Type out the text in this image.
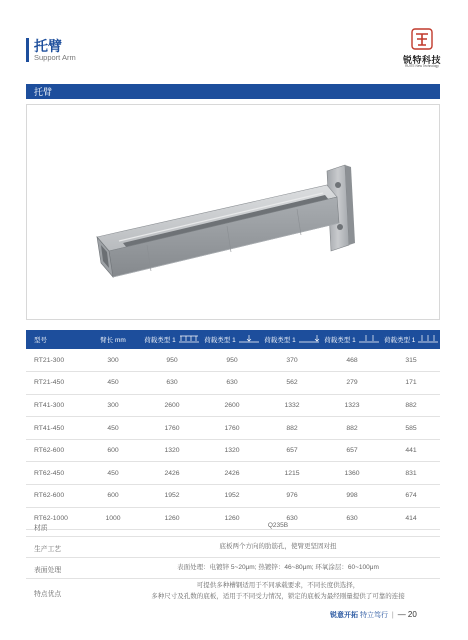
托臂
Support Arm	锐特科技
RUITE New Technology
托臂
型号	臂长 mm	荷载类型 1	荷载类型 1	荷载类型 1	荷载类型 1	荷载类型 1

RT21-300	300	950	950	370	468	315
RT21-450	450	630	630	562	279	171
RT41-300	300	2600	2600	1332	1323	882
RT41-450	450	1760	1760	882	882	585
RT62-600	600	1320	1320	657	657	441
RT62-450	450	2426	2426	1215	1360	831
RT62-600	600	1952	1952	976	998	674
RT62-1000	1000	1260	1260	630	630	414
材质	Q235B
生产工艺	底板两个方向的肋筋孔，使臂更坚固对扭
表面处理	表面处理：电镀锌 5~20μm; 热镀锌：46~80μm; 环氧涂层：60~100μm
特点优点
可提供多种槽钢适用于不同承载要求，不同长度供选择，
多种尺寸及孔数的底板，适用于不同受力情况，锁定的底板为最经刚量提供了可靠的连接
锐意开拓 特立笃行 | — 20
